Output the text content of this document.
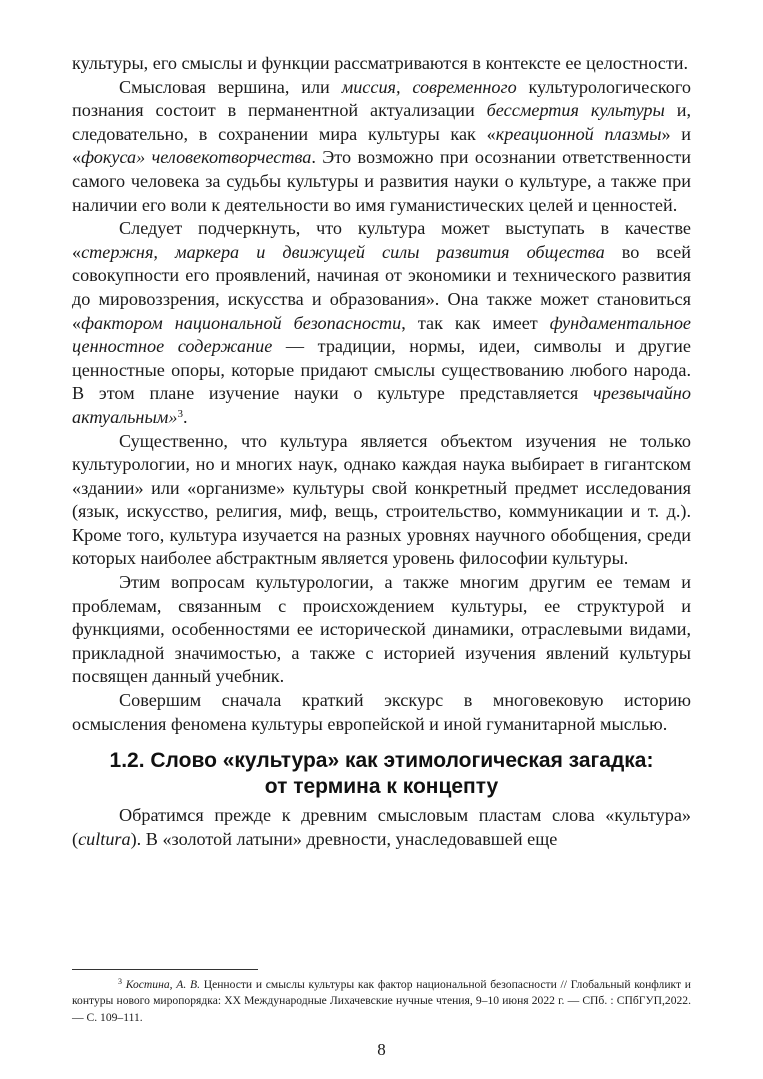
культуры, его смыслы и функции рассматриваются в контексте ее целостности.

Смысловая вершина, или миссия, современного культурологического познания состоит в перманентной актуализации бессмертия культуры и, следовательно, в сохранении мира культуры как «креационной плазмы» и «фокуса» человекотворчества. Это возможно при осознании ответственности самого человека за судьбы культуры и развития науки о культуре, а также при наличии его воли к деятельности во имя гуманистических целей и ценностей.

Следует подчеркнуть, что культура может выступать в качестве «стержня, маркера и движущей силы развития общества во всей совокупности его проявлений, начиная от экономики и технического развития до мировоззрения, искусства и образования». Она также может становиться «фактором национальной безопасности, так как имеет фундаментальное ценностное содержание — традиции, нормы, идеи, символы и другие ценностные опоры, которые придают смыслы существованию любого народа. В этом плане изучение науки о культуре представляется чрезвычайно актуальным»$^3$.

Существенно, что культура является объектом изучения не только культурологии, но и многих наук, однако каждая наука выбирает в гигантском «здании» или «организме» культуры свой конкретный предмет исследования (язык, искусство, религия, миф, вещь, строительство, коммуникации и т. д.). Кроме того, культура изучается на разных уровнях научного обобщения, среди которых наиболее абстрактным является уровень философии культуры.

Этим вопросам культурологии, а также многим другим ее темам и проблемам, связанным с происхождением культуры, ее структурой и функциями, особенностями ее исторической динамики, отраслевыми видами, прикладной значимостью, а также с историей изучения явлений культуры посвящен данный учебник.

Совершим сначала краткий экскурс в многовековую историю осмысления феномена культуры европейской и иной гуманитарной мыслью.

1.2. Слово «культура» как этимологическая загадка:
от термина к концепту

Обратимся прежде к древним смысловым пластам слова «культура» (cultura). В «золотой латыни» древности, унаследовавшей еще

$^3$ Костина, А. В. Ценности и смыслы культуры как фактор национальной безопасности // Глобальный конфликт и контуры нового миропорядка: XX Международные Лихачевские нучные чтения, 9–10 июня 2022 г. — СПб. : СПбГУП,2022. — С. 109–111.
8
